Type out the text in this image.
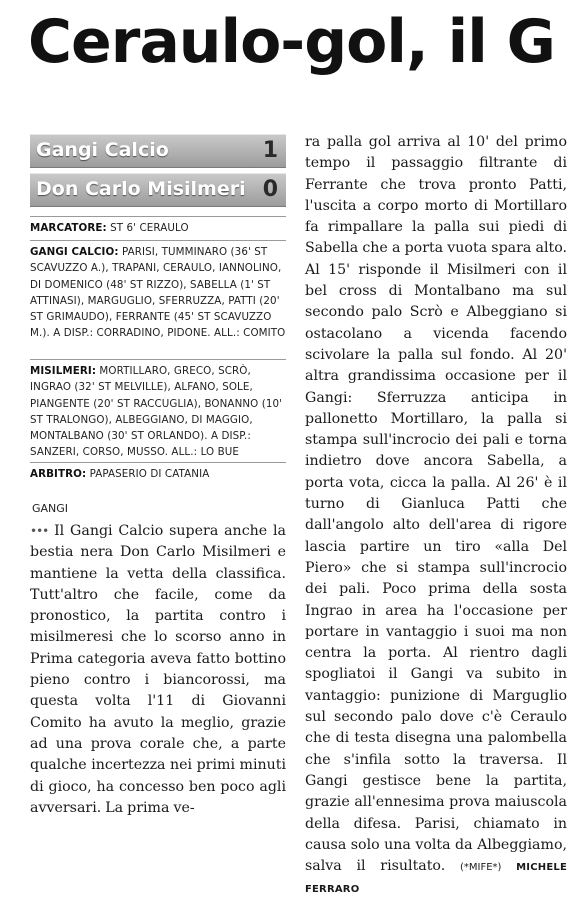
Ceraulo-gol, il G
Gangi Calcio	1
Don Carlo Misilmeri 0
MARCATORE: ST 6' CERAULO
GANGI CALCIO: PARISI, TUMMINARO (36' ST SCAVUZZO A.), TRAPANI, CERAULO, IANNOLINO, DI DOMENICO (48' ST RIZZO), SABELLA (1' ST ATTINASI), MARGUGLIO, SFERRUZZA, PATTI (20' ST GRIMAUDO), FERRANTE (45' ST SCAVUZZO M.). A DISP.: CORRADINO, PIDONE. ALL.: COMITO
MISILMERI: MORTILLARO, GRECO, SCRÒ, INGRAO (32' ST MELVILLE), ALFANO, SOLE, PIANGENTE (20' ST RACCUGLIA), BONANNO (10' ST TRALONGO), ALBEGGIANO, DI MAGGIO, MONTALBANO (30' ST ORLANDO). A DISP.: SANZERI, CORSO, MUSSO. ALL.: LO BUE
ARBITRO: PAPASERIO DI CATANIA
GANGI
••• Il Gangi Calcio supera anche la bestia nera Don Carlo Misilmeri e mantiene la vetta della classifica. Tutt'altro che facile, come da pronostico, la partita contro i misilmeresi che lo scorso anno in Prima categoria aveva fatto bottino pieno contro i biancorossi, ma questa volta l'11 di Giovanni Comito ha avuto la meglio, grazie ad una prova corale che, a parte qualche incertezza nei primi minuti di gioco, ha concesso ben poco agli avversari. La prima ve-
ra palla gol arriva al 10' del primo tempo il passaggio filtrante di Ferrante che trova pronto Patti, l'uscita a corpo morto di Mortillaro fa rimpallare la palla sui piedi di Sabella che a porta vuota spara alto. Al 15' risponde il Misilmeri con il bel cross di Montalbano ma sul secondo palo Scrò e Albeggiano si ostacolano a vicenda facendo scivolare la palla sul fondo. Al 20' altra grandissima occasione per il Gangi: Sferruzza anticipa in pallonetto Mortillaro, la palla si stampa sull'incrocio dei pali e torna indietro dove ancora Sabella, a porta vota, cicca la palla. Al 26' è il turno di Gianluca Patti che dall'angolo alto dell'area di rigore lascia partire un tiro «alla Del Piero» che si stampa sull'incrocio dei pali. Poco prima della sosta Ingrao in area ha l'occasione per portare in vantaggio i suoi ma non centra la porta. Al rientro dagli spogliatoi il Gangi va subito in vantaggio: punizione di Marguglio sul secondo palo dove c'è Ceraulo che di testa disegna una palombella che s'infila sotto la traversa. Il Gangi gestisce bene la partita, grazie all'ennesima prova maiuscola della difesa. Parisi, chiamato in causa solo una volta da Albeggiamo, salva il risultato. (*MIFE*) MICHELE FERRARO
